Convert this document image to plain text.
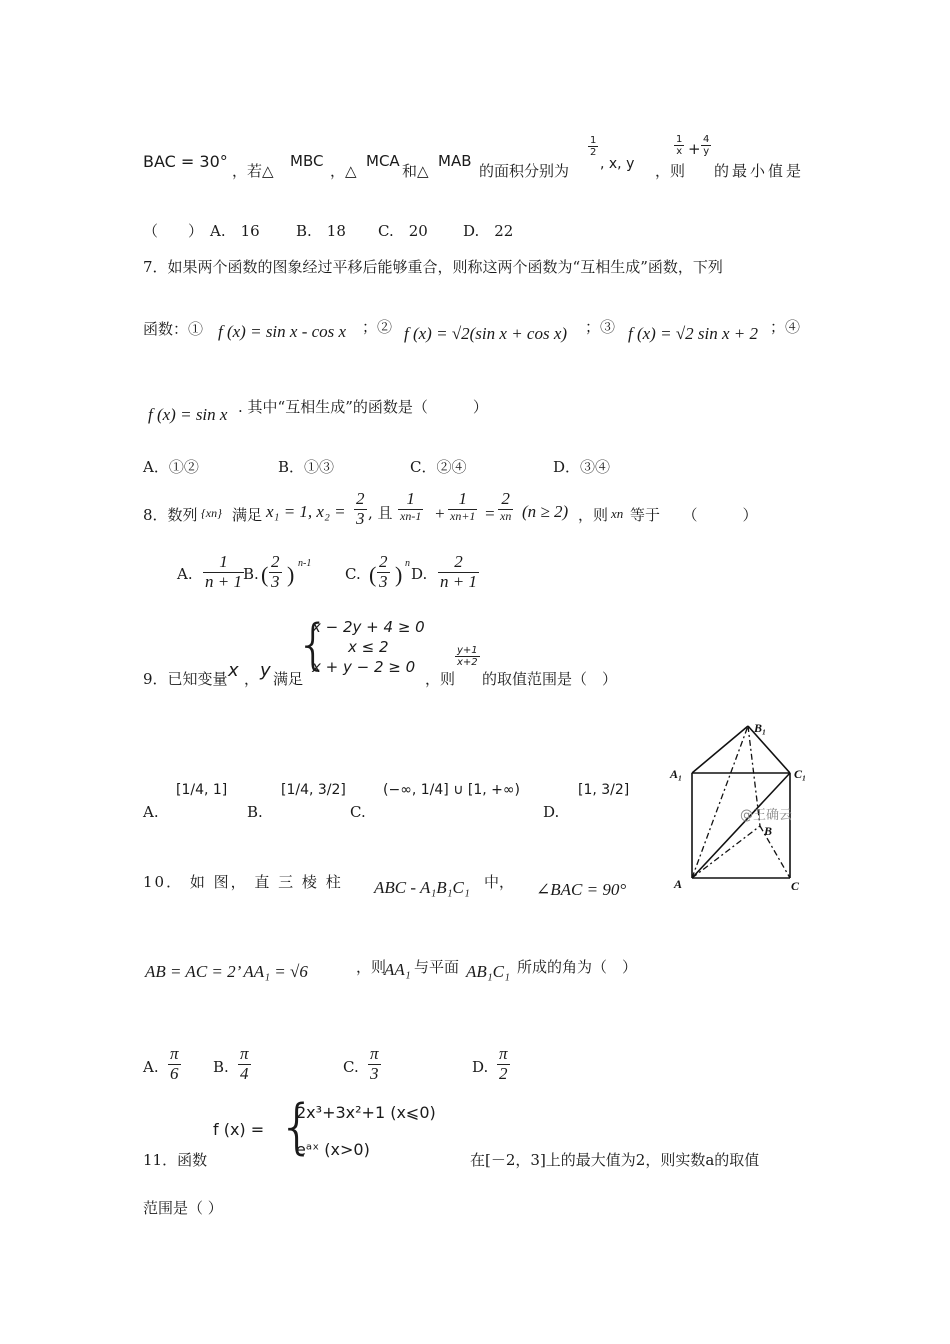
BAC = 30° ，若△
MBC
，△
MCA
和△
MAB
的面积分别为
$\frac{1}{2}$
, x, y ，则
$\frac{1}{x} + \frac{4}{y}$
的最小值是
（　　） A.　16 B.　18 C.　20 D.　22
7．如果两个函数的图象经过平移后能够重合，则称这两个函数为“互相生成”函数，下列
函数：① f (x) = sin x - cos x ；② f (x) = √2(sin x + cos x) ；③ f (x) = √2 sin x + 2 ；④
f (x) = sin x . 其中“互相生成”的函数是（　　　）
A．①②	B．①③	C．②④	D．③④
8．数列 {xn} 满足 x₁ = 1, $x_2 = \frac{2}{3}$ , 且
1
xn-1 +
1
xn+1 =
2
xn (n ≥ 2) ，则 xn 等于　　（　　　）
A. $\frac{1}{n + 1} B$. ( $\frac{2}{3}$ ) n-1
C. ( $\frac{2}{3}$ ) n
D. $\frac{2}{n + 1}$
9．已知变量 x ， y 满足
{
x − 2y + 4 ≥ 0
x ≤ 2
x + y − 2 ≥ 0
，则
$\frac{y+1}{x+2}$
的取值范围是（　）
A.
[1/4, 1]
B.
[1/4, 3/2]
C.
(−∞, 1/4] ∪ [1, +∞)
D.
[1, 3/2]
B₁
A₁	C₁
B
A	C
@王确云
10． 如 图， 直 三 棱 柱 ABC - A₁B₁C₁ 中， ∠BAC = 90°
AB = AC = 2’ AA₁ = √6	，则
AA₁ 与平面 AB₁C₁ 所成的角为（　）
A. $\frac{\pi}{6} B$. $\frac{\pi}{4}$	C. $\frac{\pi}{3}$	D. $\frac{\pi}{2}$
11．函数
f (x) = {
2x³+3x²+1 (x⩽0)
eᵃˣ (x>0)
在[－2，3]上的最大值为2，则实数a的取值
范围是（ ）
